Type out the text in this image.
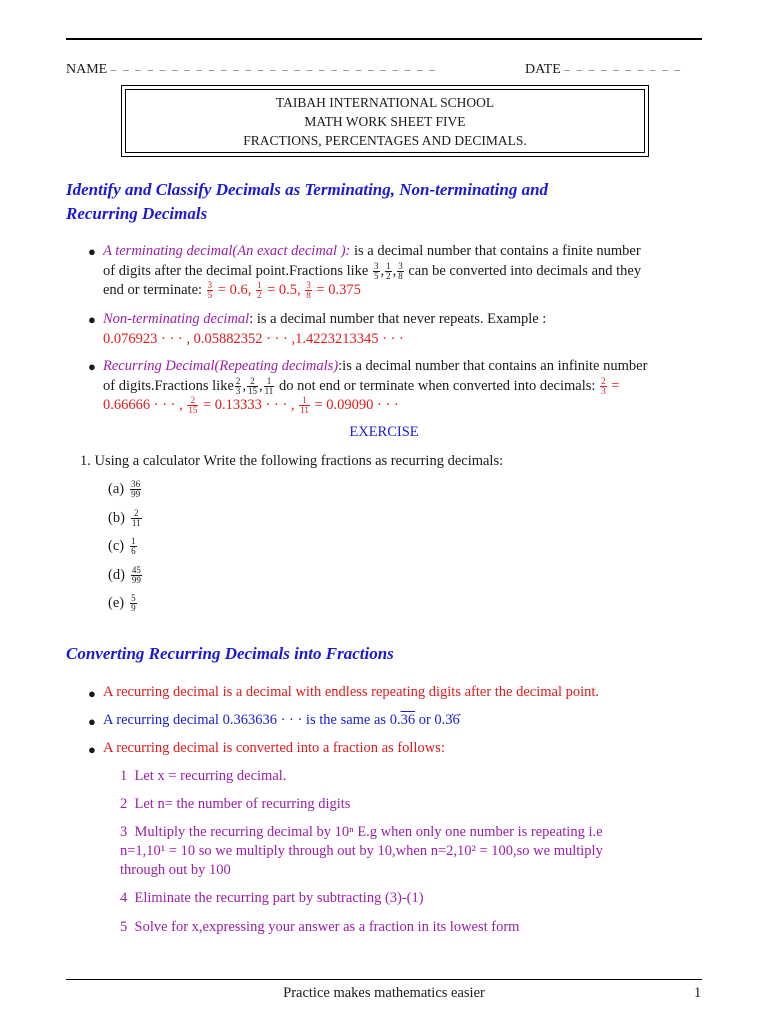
NAME – – – – – – – – – – – – – – – – – – – – – – – – – – –	DATE – – – – – – – – – –
TAIBAH INTERNATIONAL SCHOOL
MATH WORK SHEET FIVE
FRACTIONS, PERCENTAGES AND DECIMALS.
Identify and Classify Decimals as Terminating, Non-terminating and
Recurring Decimals
● A terminating decimal(An exact decimal ): is a decimal number that contains a finite number
of digits after the decimal point.Fractions like $\frac{3}{5}$ , $\frac{1}{2}$ , $\frac{3}{8}$ can be converted into decimals and they
end or terminate: $\frac{3}{5} = 0.6$, $\frac{1}{2} = 0.5$, $\frac{3}{8} = 0.375$
● Non-terminating decimal: is a decimal number that never repeats. Example :
0.076923 · · · , 0.05882352 · · · ,1.4223213345 · · ·
● Recurring Decimal(Repeating decimals):is a decimal number that contains an infinite number
of digits.Fractions like $\frac{2}{3}$ , $\frac{2}{15}$ , $\frac{1}{11}$ do not end or terminate when converted into decimals: $\frac{2}{3}$ =
0.66666 · · · , $\frac{2}{15} = 0.13333$ · · · , $\frac{1}{11} = 0.09090$ · · ·
EXERCISE
1. Using a calculator Write the following fractions as recurring decimals:
$(a) \frac{36}{99}$
$(b) \frac{2}{11}$
$(c) \frac{1}{6}$
$(d) \frac{45}{99}$
$(e) \frac{5}{9}$
Converting Recurring Decimals into Fractions
● A recurring decimal is a decimal with endless repeating digits after the decimal point.
● A recurring decimal 0.363636 · · · is the same as 0.36 or 0.3̇6̇
● A recurring decimal is converted into a fraction as follows:
1 Let x = recurring decimal.
2 Let n= the number of recurring digits
3 Multiply the recurring decimal by 10ⁿ E.g when only one number is repeating i.e
n=1,10¹ = 10 so we multiply through out by 10,when n=2,10² = 100,so we multiply
through out by 100
4 Eliminate the recurring part by subtracting (3)-(1)
5 Solve for x,expressing your answer as a fraction in its lowest form
Practice makes mathematics easier	1
